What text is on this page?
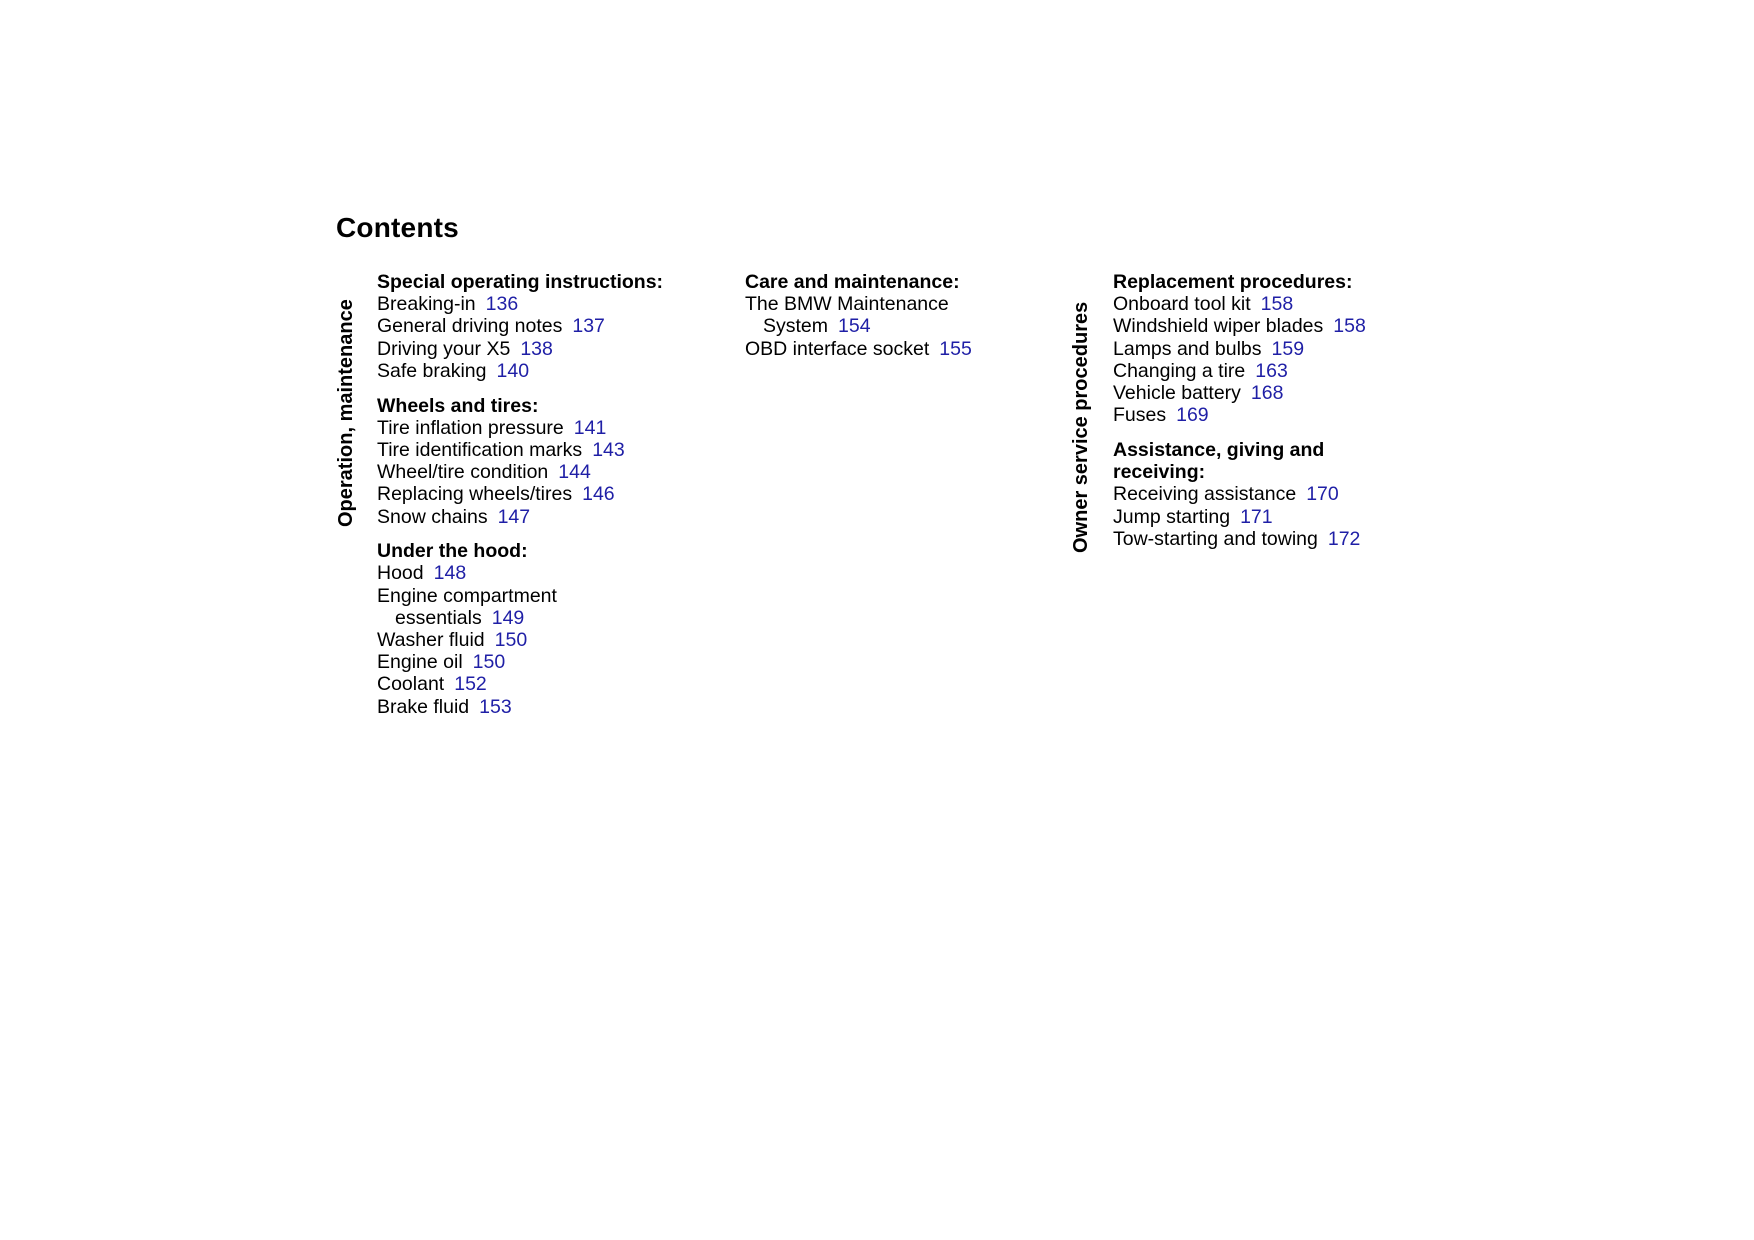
Contents
Operation, maintenance	Owner service procedures
Special operating instructions:
Breaking-in 136
General driving notes 137
Driving your X5 138
Safe braking 140
Wheels and tires:
Tire inflation pressure 141
Tire identification marks 143
Wheel/tire condition 144
Replacing wheels/tires 146
Snow chains 147
Under the hood:
Hood 148
Engine compartment
essentials 149
Washer fluid 150
Engine oil 150
Coolant 152
Brake fluid 153
Care and maintenance:
The BMW Maintenance
System 154
OBD interface socket 155
Replacement procedures:
Onboard tool kit 158
Windshield wiper blades 158
Lamps and bulbs 159
Changing a tire 163
Vehicle battery 168
Fuses 169
Assistance, giving and receiving:
Receiving assistance 170
Jump starting 171
Tow-starting and towing 172
